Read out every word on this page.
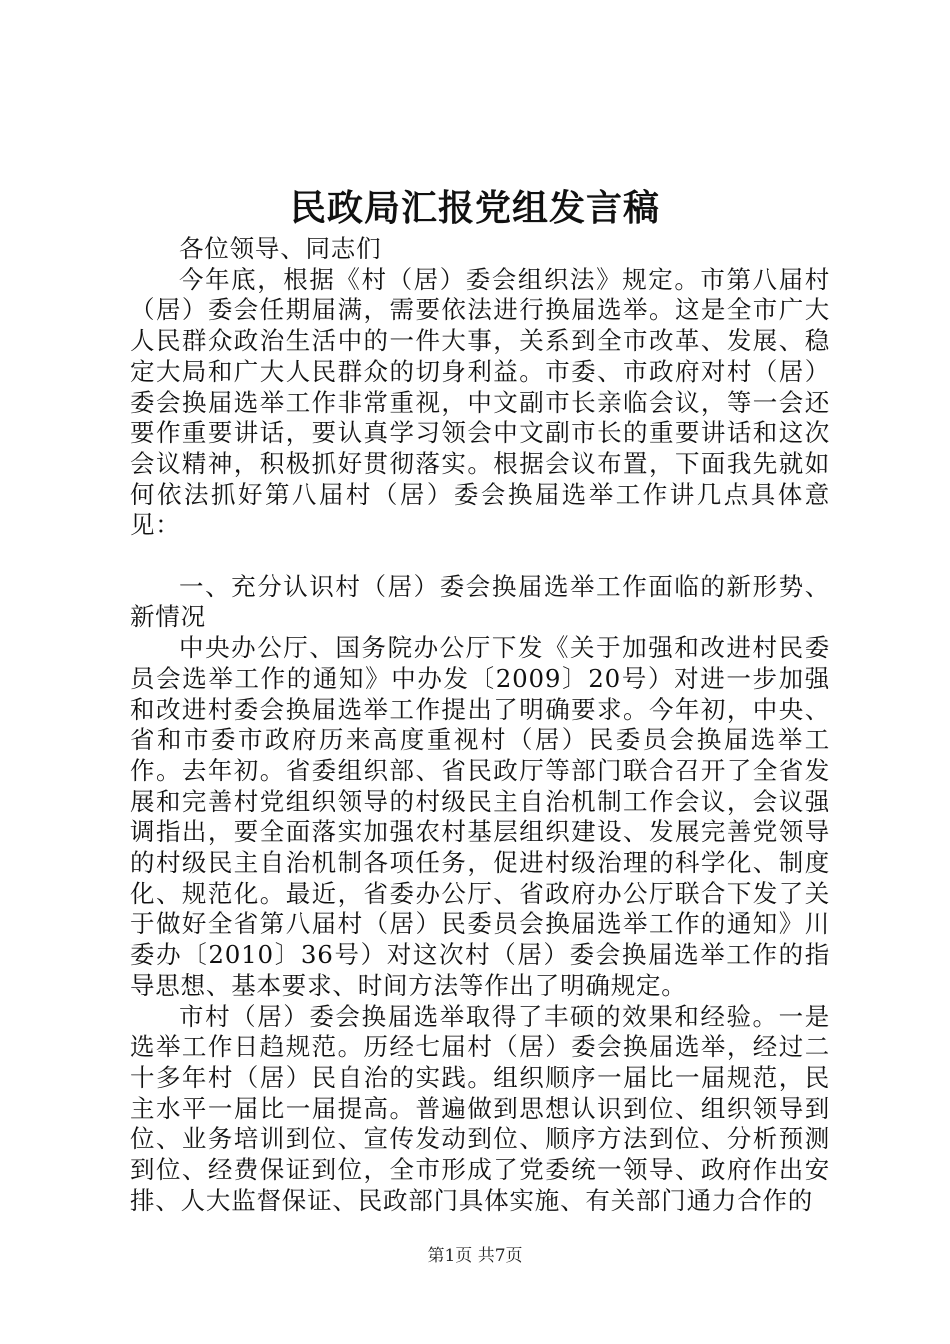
民政局汇报党组发言稿

各位领导、同志们

今年底，根据《村（居）委会组织法》规定。市第八届村（居）委会任期届满，需要依法进行换届选举。这是全市广大人民群众政治生活中的一件大事，关系到全市改革、发展、稳定大局和广大人民群众的切身利益。市委、市政府对村（居）委会换届选举工作非常重视，中文副市长亲临会议，等一会还要作重要讲话，要认真学习领会中文副市长的重要讲话和这次会议精神，积极抓好贯彻落实。根据会议布置，下面我先就如何依法抓好第八届村（居）委会换届选举工作讲几点具体意见：

一、充分认识村（居）委会换届选举工作面临的新形势、新情况

中央办公厅、国务院办公厅下发《关于加强和改进村民委员会选举工作的通知》中办发〔2009〕20号）对进一步加强和改进村委会换届选举工作提出了明确要求。今年初，中央、省和市委市政府历来高度重视村（居）民委员会换届选举工作。去年初。省委组织部、省民政厅等部门联合召开了全省发展和完善村党组织领导的村级民主自治机制工作会议，会议强调指出，要全面落实加强农村基层组织建设、发展完善党领导的村级民主自治机制各项任务，促进村级治理的科学化、制度化、规范化。最近，省委办公厅、省政府办公厅联合下发了关于做好全省第八届村（居）民委员会换届选举工作的通知》川委办〔2010〕36号）对这次村（居）委会换届选举工作的指导思想、基本要求、时间方法等作出了明确规定。

市村（居）委会换届选举取得了丰硕的效果和经验。一是选举工作日趋规范。历经七届村（居）委会换届选举，经过二十多年村（居）民自治的实践。组织顺序一届比一届规范，民主水平一届比一届提高。普遍做到思想认识到位、组织领导到位、业务培训到位、宣传发动到位、顺序方法到位、分析预测到位、经费保证到位，全市形成了党委统一领导、政府作出安排、人大监督保证、民政部门具体实施、有关部门通力合作的

第1页 共7页
